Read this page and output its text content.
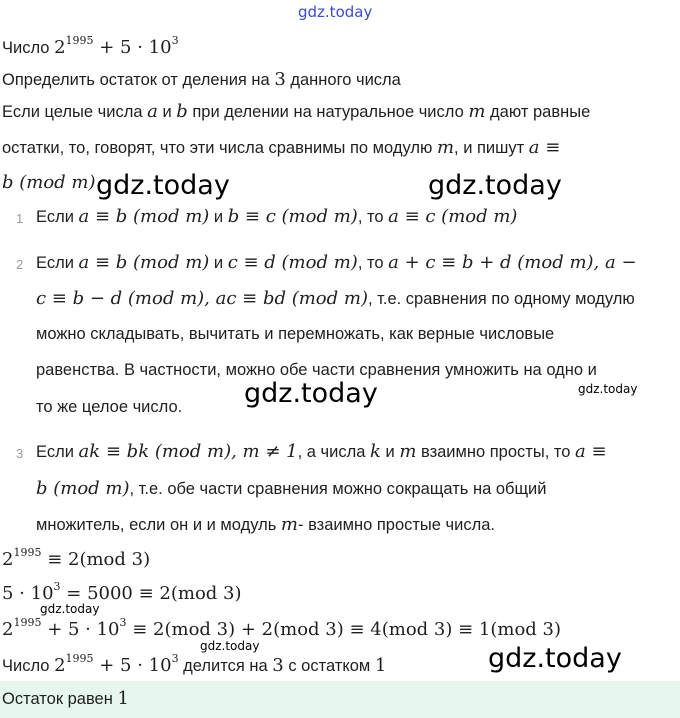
gdz.today
gdz.today	gdz.today
gdz.today	gdz.today
gdz.today
gdz.today	gdz.today
Число $2^{1995} + 5 \cdot 10^3$
Определить остаток от деления на 3 данного числа
Если целые числа a и b при делении на натуральное число m дают равные
остатки, то, говорят, что эти числа сравнимы по модулю m, и пишут a ≡
b (mod m)
1 Если a ≡ b (mod m) и b ≡ c (mod m), то a ≡ c (mod m)
2 Если a ≡ b (mod m) и c ≡ d (mod m), то a + c ≡ b + d (mod m), a −
c ≡ b − d (mod m), ac ≡ bd (mod m), т.е. сравнения по одному модулю
можно складывать, вычитать и перемножать, как верные числовые
равенства. В частности, можно обе части сравнения умножить на одно и
то же целое число.
3 Если ak ≡ bk (mod m), m ≠ 1, а числа k и m взаимно просты, то a ≡
b (mod m), т.е. обе части сравнения можно сокращать на общий
множитель, если он и и модуль m- взаимно простые числа.
$2^{1995} \equiv 2(mod$ 3)
$5 \cdot 10^3 = 5000 \equiv 2(mod$ 3)
$2^{1995} + 5 \cdot 10^3 \equiv 2(mod$ 3) + 2(mod 3) ≡ 4(mod 3) ≡ 1(mod 3)
Число $2^{1995} + 5 \cdot 10^3$ делится на 3 с остатком 1
Остаток равен 1
